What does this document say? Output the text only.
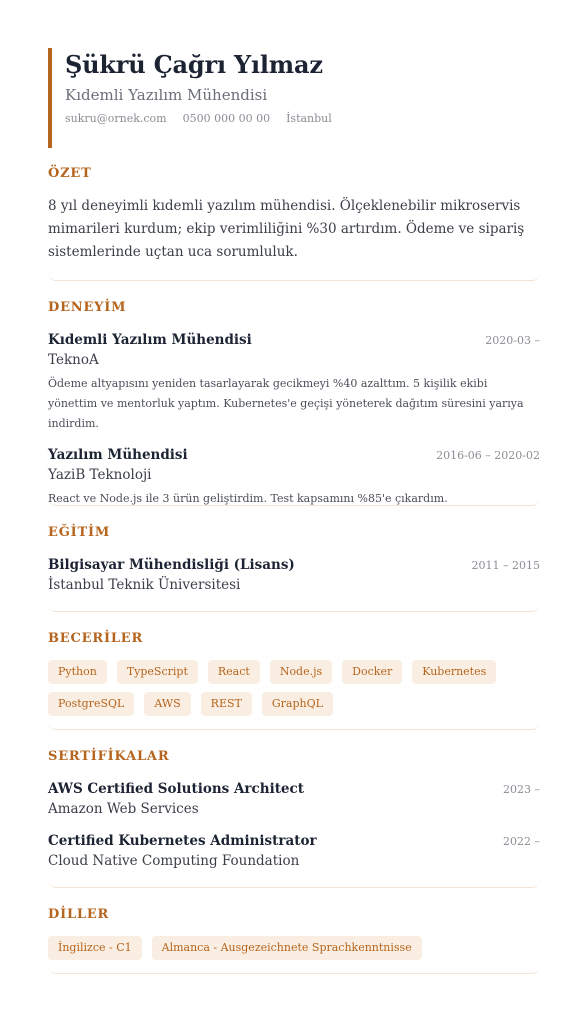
Şükrü Çağrı Yılmaz
Kıdemli Yazılım Mühendisi
sukru@ornek.com 0500 000 00 00 İstanbul
ÖZET
8 yıl deneyimli kıdemli yazılım mühendisi. Ölçeklenebilir mikroservis mimarileri kurdum; ekip verimliliğini %30 artırdım. Ödeme ve sipariş sistemlerinde uçtan uca sorumluluk.
DENEYİM
Kıdemli Yazılım Mühendisi	2020-03 –
TeknoA
Ödeme altyapısını yeniden tasarlayarak gecikmeyi %40 azalttım. 5 kişilik ekibi yönettim ve mentorluk yaptım. Kubernetes'e geçişi yöneterek dağıtım süresini yarıya indirdim.
Yazılım Mühendisi	2016-06 – 2020-02
YaziB Teknoloji
React ve Node.js ile 3 ürün geliştirdim. Test kapsamını %85'e çıkardım.
EĞİTİM
Bilgisayar Mühendisliği (Lisans)	2011 – 2015
İstanbul Teknik Üniversitesi
BECERİLER
Python	TypeScript	React	Node.js	Docker	Kubernetes
PostgreSQL	AWS	REST	GraphQL
SERTİFİKALAR
AWS Certified Solutions Architect	2023 –
Amazon Web Services
Certified Kubernetes Administrator	2022 –
Cloud Native Computing Foundation
DİLLER
İngilizce - C1	Almanca - Ausgezeichnete Sprachkenntnisse
